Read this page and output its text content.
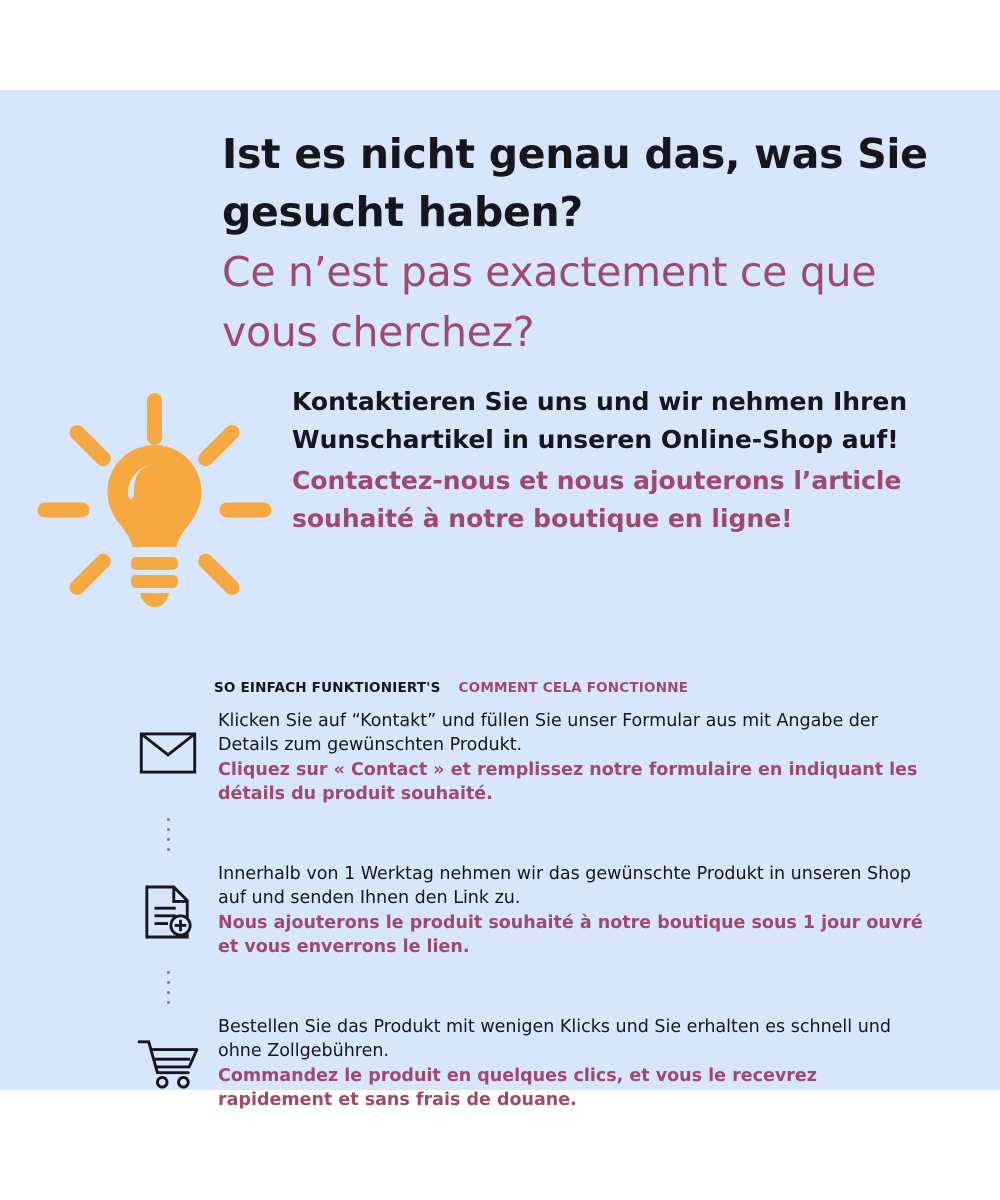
Ist es nicht genau das, was Sie gesucht haben?
Ce n’est pas exactement ce que vous cherchez?
Kontaktieren Sie uns und wir nehmen Ihren Wunschartikel in unseren Online-Shop auf!
Contactez-nous et nous ajouterons l’article souhaité à notre boutique en ligne!
SO EINFACH FUNKTIONIERT'S COMMENT CELA FONCTIONNE
Klicken Sie auf “Kontakt” und füllen Sie unser Formular aus mit Angabe der Details zum gewünschten Produkt.
Cliquez sur « Contact » et remplissez notre formulaire en indiquant les détails du produit souhaité.
Innerhalb von 1 Werktag nehmen wir das gewünschte Produkt in unseren Shop auf und senden Ihnen den Link zu.
Nous ajouterons le produit souhaité à notre boutique sous 1 jour ouvré et vous enverrons le lien.
Bestellen Sie das Produkt mit wenigen Klicks und Sie erhalten es schnell und ohne Zollgebühren.
Commandez le produit en quelques clics, et vous le recevrez rapidement et sans frais de douane.
